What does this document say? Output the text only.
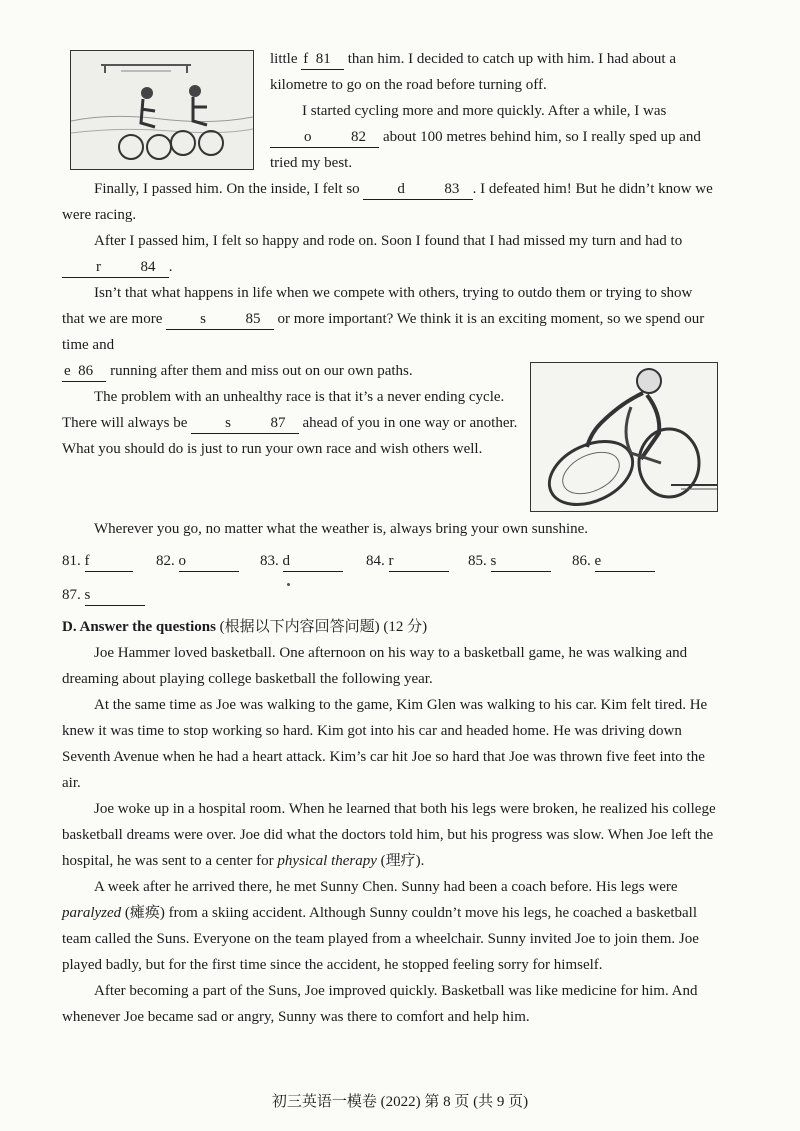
little f 81    than him. I decided to catch up with him. I had about a kilometre to go on the road before turning off.

I started cycling more and more quickly. After a while, I was o	82    about 100 metres behind him, so I really sped up and tried my best.

Finally, I passed him. On the inside, I felt so d	83 . I defeated him! But he didn’t know we were racing.

After I passed him, I felt so happy and rode on. Soon I found that I had missed my turn and had to r	84 .

Isn’t that what happens in life when we compete with others, trying to outdo them or trying to show that we are more s	85    or more important? We think it is an exciting moment, so we spend our time and

e 86    running after them and miss out on our own paths.

The problem with an unhealthy race is that it’s a never ending cycle. There will always be s	87    ahead of you in one way or another. What you should do is just to run your own race and wish others well.

Wherever you go, no matter what the weather is, always bring your own sunshine.

81. f	82. o	83. d	84. r	85. s	86. e
87. s

D. Answer the questions (根据以下内容回答问题) (12 分)

Joe Hammer loved basketball. One afternoon on his way to a basketball game, he was walking and dreaming about playing college basketball the following year.

At the same time as Joe was walking to the game, Kim Glen was walking to his car. Kim felt tired. He knew it was time to stop working so hard. Kim got into his car and headed home. He was driving down Seventh Avenue when he had a heart attack. Kim’s car hit Joe so hard that Joe was thrown five feet into the air.

Joe woke up in a hospital room. When he learned that both his legs were broken, he realized his college basketball dreams were over. Joe did what the doctors told him, but his progress was slow. When Joe left the hospital, he was sent to a center for physical therapy (理疗).

A week after he arrived there, he met Sunny Chen. Sunny had been a coach before. His legs were paralyzed (瘫痪) from a skiing accident. Although Sunny couldn’t move his legs, he coached a basketball team called the Suns. Everyone on the team played from a wheelchair. Sunny invited Joe to join them. Joe played badly, but for the first time since the accident, he stopped feeling sorry for himself.

After becoming a part of the Suns, Joe improved quickly. Basketball was like medicine for him. And whenever Joe became sad or angry, Sunny was there to comfort and help him.

初三英语一模卷 (2022) 第 8 页 (共 9 页)
